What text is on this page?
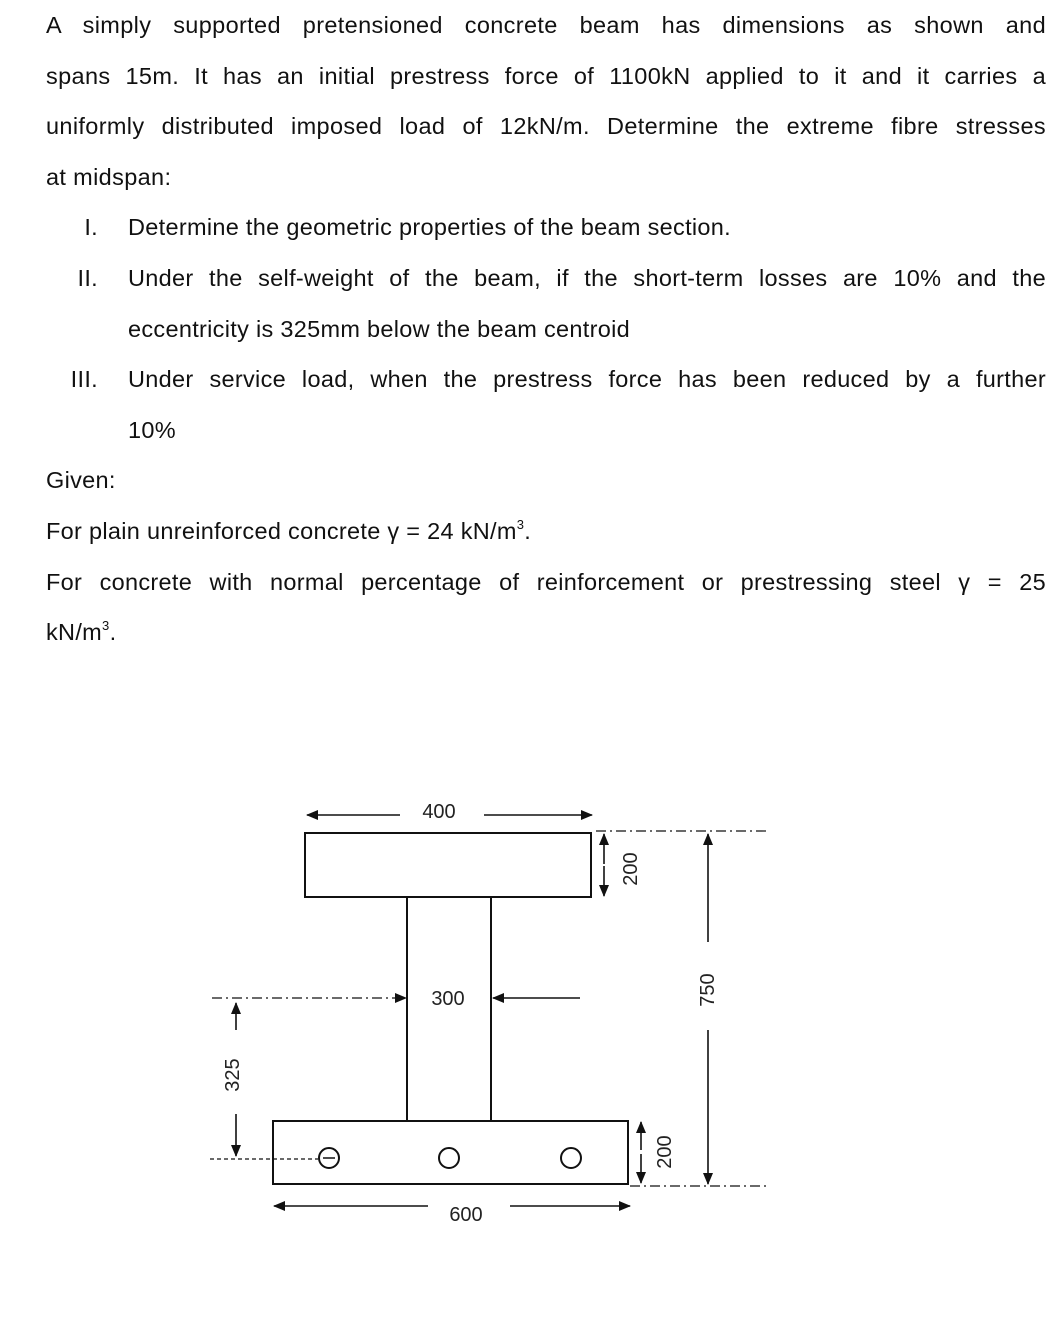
A simply supported pretensioned concrete beam has dimensions as shown and
spans 15m. It has an initial prestress force of 1100kN applied to it and it carries a
uniformly distributed imposed load of 12kN/m. Determine the extreme fibre stresses
at midspan:

I. Determine the geometric properties of the beam section.
II. Under the self-weight of the beam, if the short-term losses are 10% and the
eccentricity is 325mm below the beam centroid
III. Under service load, when the prestress force has been reduced by a further
10%
Given:
For plain unreinforced concrete γ = 24 $kN/m^3$.
For concrete with normal percentage of reinforcement or prestressing steel γ = 25
$kN/m^3$.
400
200
750
300
325
200
600
